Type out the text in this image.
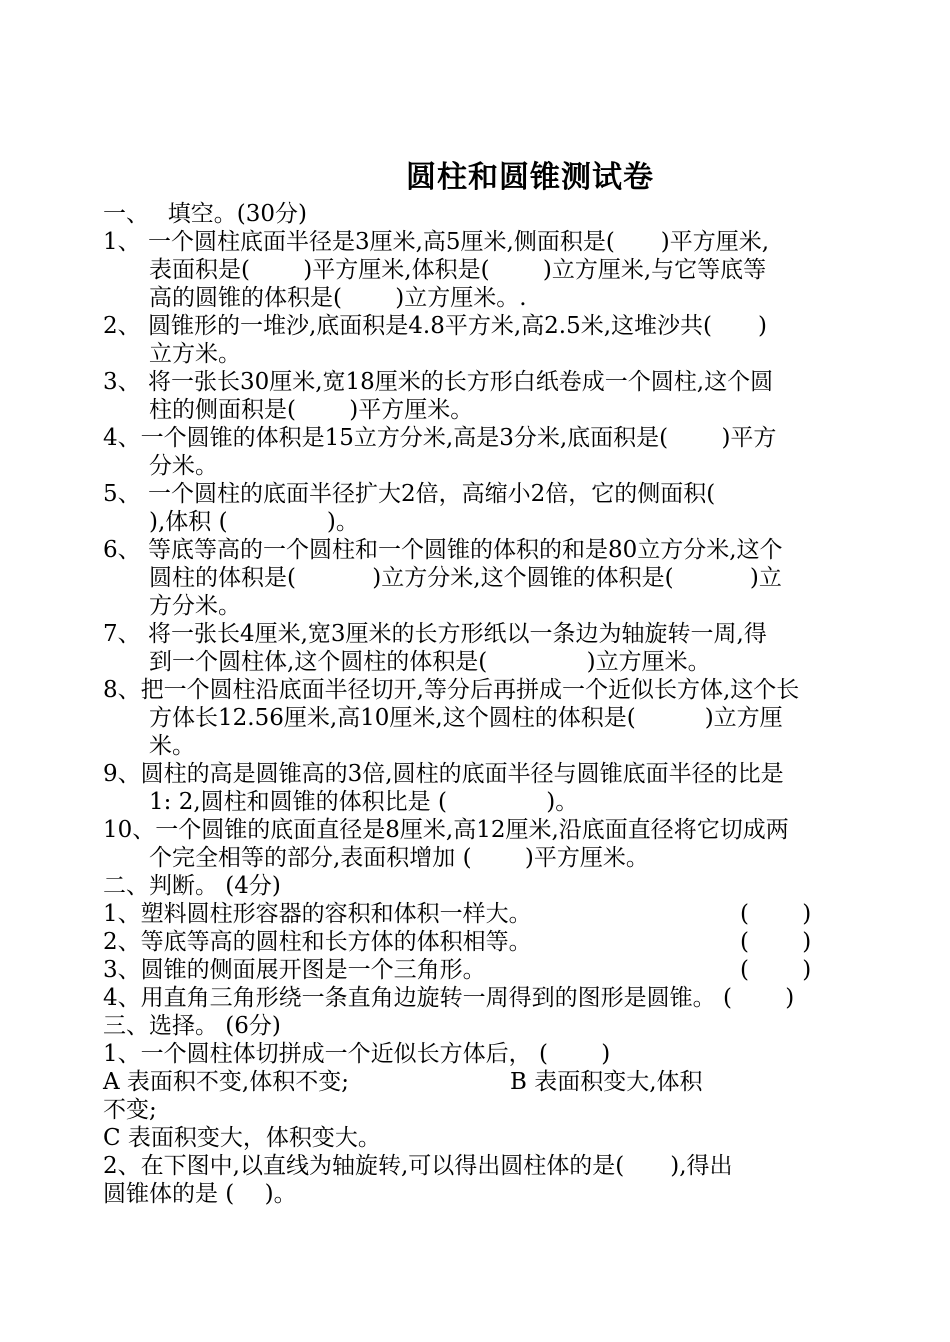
圆柱和圆锥测试卷
一、　 填空。(30分)
1、 一个圆柱底面半径是3厘米,高5厘米,侧面积是(　　)平方厘米,
　　表面积是(　　 )平方厘米,体积是(　　 )立方厘米,与它等底等
　　高的圆锥的体积是(　　 )立方厘米。.
2、 圆锥形的一堆沙,底面积是4.8平方米,高2.5米,这堆沙共(　　)
　　立方米。
3、 将一张长30厘米,宽18厘米的长方形白纸卷成一个圆柱,这个圆
　　柱的侧面积是(　　 )平方厘米。
4、一个圆锥的体积是15立方分米,高是3分米,底面积是(　　 )平方
　　分米。
5、 一个圆柱的底面半径扩大2倍，高缩小2倍，它的侧面积(
　　),体积 (　　　　 )。
6、 等底等高的一个圆柱和一个圆锥的体积的和是80立方分米,这个
　　圆柱的体积是(　　　 )立方分米,这个圆锥的体积是(　　　 )立
　　方分米。
7、 将一张长4厘米,宽3厘米的长方形纸以一条边为轴旋转一周,得
　　到一个圆柱体,这个圆柱的体积是(　　　　 )立方厘米。
8、把一个圆柱沿底面半径切开,等分后再拼成一个近似长方体,这个长
　　方体长12.56厘米,高10厘米,这个圆柱的体积是(　　　)立方厘
　　米。
9、圆柱的高是圆锥高的3倍,圆柱的底面半径与圆锥底面半径的比是
　　1: 2,圆柱和圆锥的体积比是 (　　　　 )。
10、一个圆锥的底面直径是8厘米,高12厘米,沿底面直径将它切成两
　　个完全相等的部分,表面积增加 (　　 )平方厘米。
二、判断。 (4分)
1、塑料圆柱形容器的容积和体积一样大。	(　　 )
2、等底等高的圆柱和长方体的体积相等。	(　　 )
3、圆锥的侧面展开图是一个三角形。	(　　 )
4、用直角三角形绕一条直角边旋转一周得到的图形是圆锥。 (　　 )
三、选择。 (6分)
1、一个圆柱体切拼成一个近似长方体后， (　　 )
A 表面积不变,体积不变;　　　　　　　B 表面积变大,体积
不变;
C 表面积变大，体积变大。
2、在下图中,以直线为轴旋转,可以得出圆柱体的是(　　),得出
圆锥体的是 (　 )。
